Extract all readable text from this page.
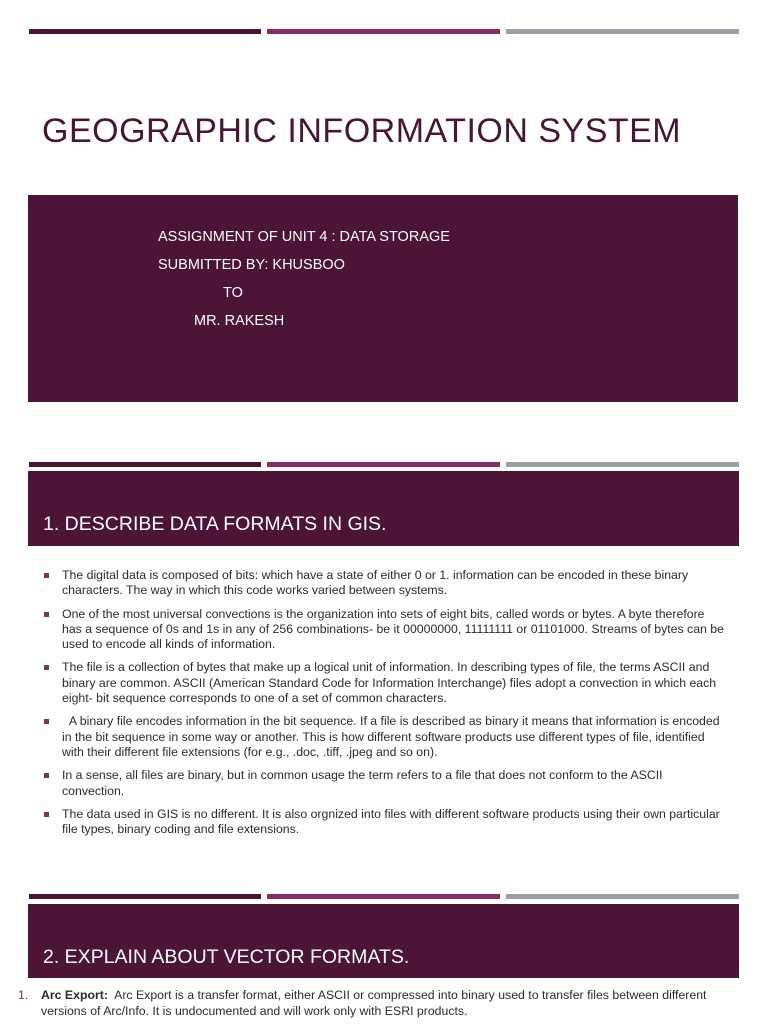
GEOGRAPHIC INFORMATION SYSTEM
ASSIGNMENT OF UNIT 4 : DATA STORAGE
SUBMITTED BY: KHUSBOO
TO
MR. RAKESH
1. DESCRIBE DATA FORMATS IN GIS.
The digital data is composed of bits: which have a state of either 0 or 1. information can be encoded in these binary characters. The way in which this code works varied between systems.
One of the most universal convections is the organization into sets of eight bits, called words or bytes. A byte therefore has a sequence of 0s and 1s in any of 256 combinations- be it 00000000, 11111111 or 01101000. Streams of bytes can be used to encode all kinds of information.
The file is a collection of bytes that make up a logical unit of information. In describing types of file, the terms ASCII and binary are common. ASCII (American Standard Code for Information Interchange) files adopt a convection in which each eight- bit sequence corresponds to one of a set of common characters.
A binary file encodes information in the bit sequence. If a file is described as binary it means that information is encoded in the bit sequence in some way or another. This is how different software products use different types of file, identified with their different file extensions (for e.g., .doc, .tiff, .jpeg and so on).
In a sense, all files are binary, but in common usage the term refers to a file that does not conform to the ASCII convection.
The data used in GIS is no different. It is also orgnized into files with different software products using their own particular file types, binary coding and file extensions.
2. EXPLAIN ABOUT VECTOR FORMATS.
1.	Arc Export:  Arc Export is a transfer format, either ASCII or compressed into binary used to transfer files between different versions of Arc/Info. It is undocumented and will work only with ESRI products.
